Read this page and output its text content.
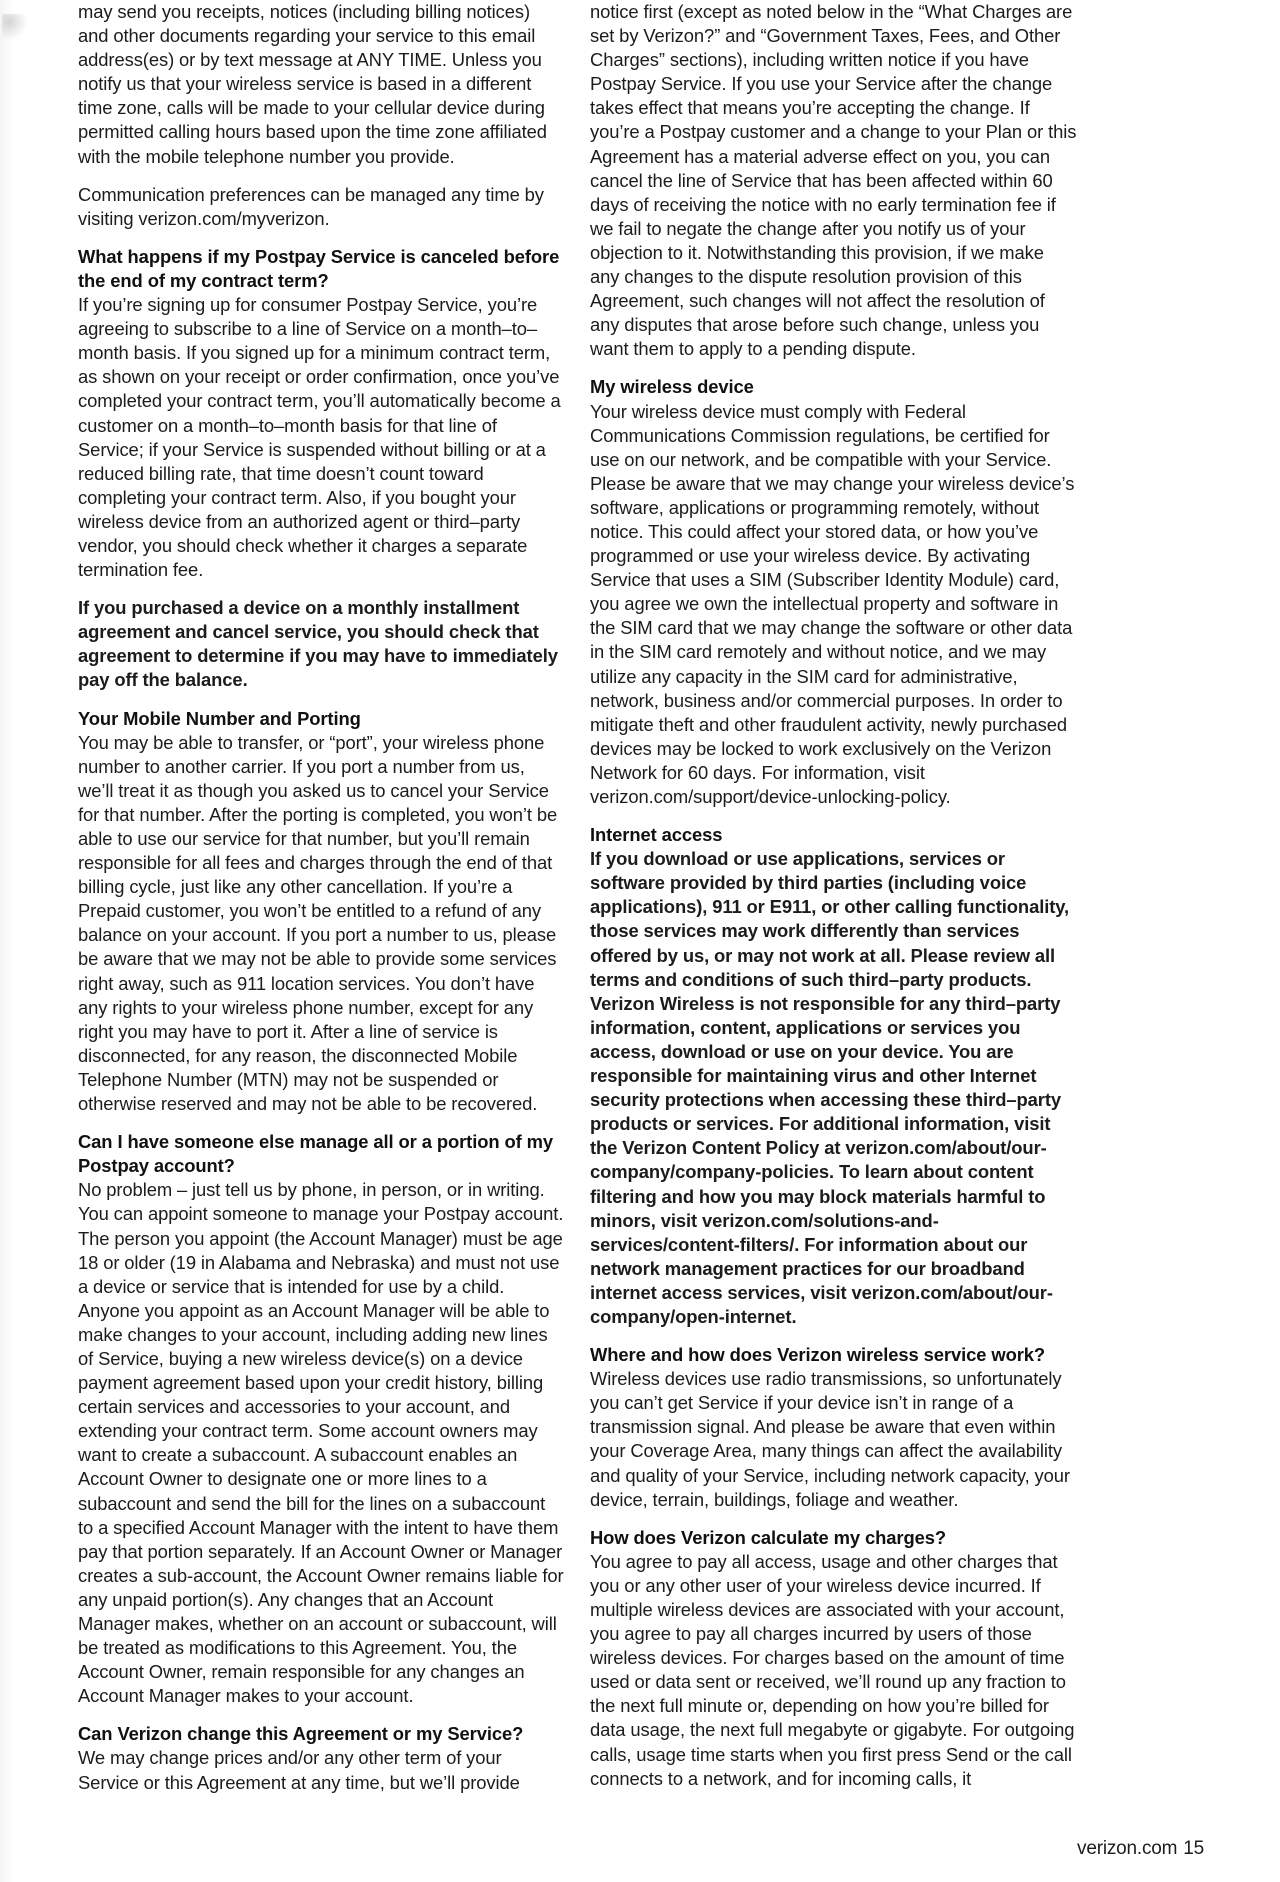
may send you receipts, notices (including billing notices) and other documents regarding your service to this email address(es) or by text message at ANY TIME. Unless you notify us that your wireless service is based in a different time zone, calls will be made to your cellular device during permitted calling hours based upon the time zone affiliated with the mobile telephone number you provide.

Communication preferences can be managed any time by visiting verizon.com/myverizon.

What happens if my Postpay Service is canceled before the end of my contract term?

If you’re signing up for consumer Postpay Service, you’re agreeing to subscribe to a line of Service on a month–to–month basis. If you signed up for a minimum contract term, as shown on your receipt or order confirmation, once you’ve completed your contract term, you’ll automatically become a customer on a month–to–month basis for that line of Service; if your Service is suspended without billing or at a reduced billing rate, that time doesn’t count toward completing your contract term. Also, if you bought your wireless device from an authorized agent or third–party vendor, you should check whether it charges a separate termination fee.

If you purchased a device on a monthly installment agreement and cancel service, you should check that agreement to determine if you may have to immediately pay off the balance.

Your Mobile Number and Porting

You may be able to transfer, or “port”, your wireless phone number to another carrier. If you port a number from us, we’ll treat it as though you asked us to cancel your Service for that number. After the porting is completed, you won’t be able to use our service for that number, but you’ll remain responsible for all fees and charges through the end of that billing cycle, just like any other cancellation. If you’re a Prepaid customer, you won’t be entitled to a refund of any balance on your account. If you port a number to us, please be aware that we may not be able to provide some services right away, such as 911 location services. You don’t have any rights to your wireless phone number, except for any right you may have to port it. After a line of service is disconnected, for any reason, the disconnected Mobile Telephone Number (MTN) may not be suspended or otherwise reserved and may not be able to be recovered.

Can I have someone else manage all or a portion of my Postpay account?

No problem – just tell us by phone, in person, or in writing. You can appoint someone to manage your Postpay account. The person you appoint (the Account Manager) must be age 18 or older (19 in Alabama and Nebraska) and must not use a device or service that is intended for use by a child. Anyone you appoint as an Account Manager will be able to make changes to your account, including adding new lines of Service, buying a new wireless device(s) on a device payment agreement based upon your credit history, billing certain services and accessories to your account, and extending your contract term. Some account owners may want to create a subaccount. A subaccount enables an Account Owner to designate one or more lines to a subaccount and send the bill for the lines on a subaccount to a specified Account Manager with the intent to have them pay that portion separately. If an Account Owner or Manager creates a sub-account, the Account Owner remains liable for any unpaid portion(s). Any changes that an Account Manager makes, whether on an account or subaccount, will be treated as modifications to this Agreement. You, the Account Owner, remain responsible for any changes an Account Manager makes to your account.

Can Verizon change this Agreement or my Service?

We may change prices and/or any other term of your Service or this Agreement at any time, but we’ll provide

notice first (except as noted below in the “What Charges are set by Verizon?” and “Government Taxes, Fees, and Other Charges” sections), including written notice if you have Postpay Service. If you use your Service after the change takes effect that means you’re accepting the change. If you’re a Postpay customer and a change to your Plan or this Agreement has a material adverse effect on you, you can cancel the line of Service that has been affected within 60 days of receiving the notice with no early termination fee if we fail to negate the change after you notify us of your objection to it. Notwithstanding this provision, if we make any changes to the dispute resolution provision of this Agreement, such changes will not affect the resolution of any disputes that arose before such change, unless you want them to apply to a pending dispute.

My wireless device

Your wireless device must comply with Federal Communications Commission regulations, be certified for use on our network, and be compatible with your Service. Please be aware that we may change your wireless device’s software, applications or programming remotely, without notice. This could affect your stored data, or how you’ve programmed or use your wireless device. By activating Service that uses a SIM (Subscriber Identity Module) card, you agree we own the intellectual property and software in the SIM card that we may change the software or other data in the SIM card remotely and without notice, and we may utilize any capacity in the SIM card for administrative, network, business and/or commercial purposes. In order to mitigate theft and other fraudulent activity, newly purchased devices may be locked to work exclusively on the Verizon Network for 60 days. For information, visit verizon.com/support/device-unlocking-policy.

Internet access

If you download or use applications, services or software provided by third parties (including voice applications), 911 or E911, or other calling functionality, those services may work differently than services offered by us, or may not work at all. Please review all terms and conditions of such third–party products. Verizon Wireless is not responsible for any third–party information, content, applications or services you access, download or use on your device. You are responsible for maintaining virus and other Internet security protections when accessing these third–party products or services. For additional information, visit the Verizon Content Policy at verizon.com/about/our-company/company-policies. To learn about content filtering and how you may block materials harmful to minors, visit verizon.com/solutions-and-services/content-filters/. For information about our network management practices for our broadband internet access services, visit verizon.com/about/our-company/open-internet.

Where and how does Verizon wireless service work?

Wireless devices use radio transmissions, so unfortunately you can’t get Service if your device isn’t in range of a transmission signal. And please be aware that even within your Coverage Area, many things can affect the availability and quality of your Service, including network capacity, your device, terrain, buildings, foliage and weather.

How does Verizon calculate my charges?

You agree to pay all access, usage and other charges that you or any other user of your wireless device incurred. If multiple wireless devices are associated with your account, you agree to pay all charges incurred by users of those wireless devices. For charges based on the amount of time used or data sent or received, we’ll round up any fraction to the next full minute or, depending on how you’re billed for data usage, the next full megabyte or gigabyte. For outgoing calls, usage time starts when you first press Send or the call connects to a network, and for incoming calls, it

verizon.com 15
